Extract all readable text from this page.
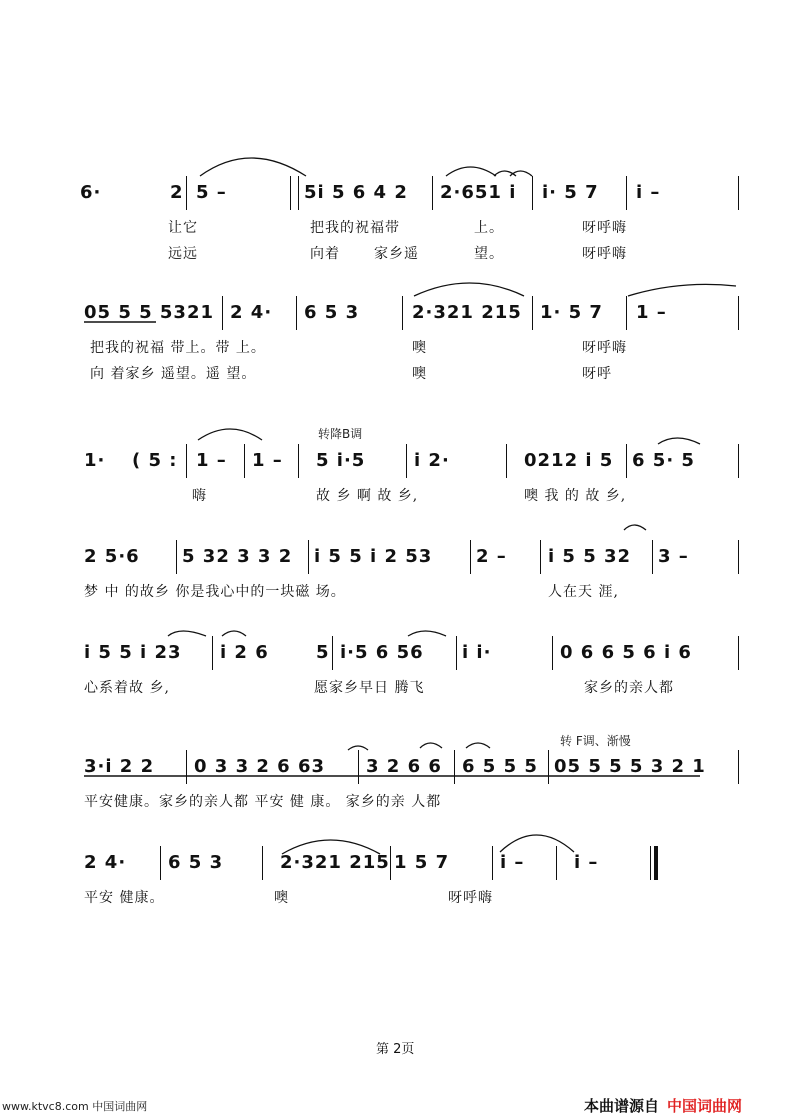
6·	2 5 –	5i 5 6 4 2 2·651 i i· 5 7 i –
让它	把我的祝福带	上。	呀呼嗨
远远	向着 家乡遥	望。	呀呼嗨
05 5 5 5321 2 4· 6 5 3	2·321 215 1· 5 7 1 –
把我的祝福 带上。带 上。	噢	呀呼嗨
向 着家乡 遥望。遥 望。	噢	呀呼
1· ( 5 : 1 – 1 – 5 i·5	i 2·	0212 i 5 6 5· 5
嗨	故 乡 啊 故 乡,	噢 我 的 故 乡,
2 5·6 5 32 3 3 2 i 5 5 i 2 53 2 – i 5 5 32 3 –
梦 中 的故乡 你是我心中的一块磁 场。	人在天 涯,
i 5 5 i 23 i 2 6	5 i·5 6 56 i i·	0 6 6 5 6 i 6
心系着故 乡,	愿家乡早日 腾飞	家乡的亲人都
3·i 2 2 0 3 3 2 6 63 3 2 6 6 6 5 5 5 05 5 5 5 3 2 1
平安健康。家乡的亲人都 平安 健 康。 家乡的亲 人都
2 4· 6 5 3	2·321 215 1 5 7	i –	i –
平安 健康。	噢	呀呼嗨
转降B调
转 F调、渐慢
第 2页
www.ktvc8.com 中国词曲网	本曲谱源自 中国词曲网
